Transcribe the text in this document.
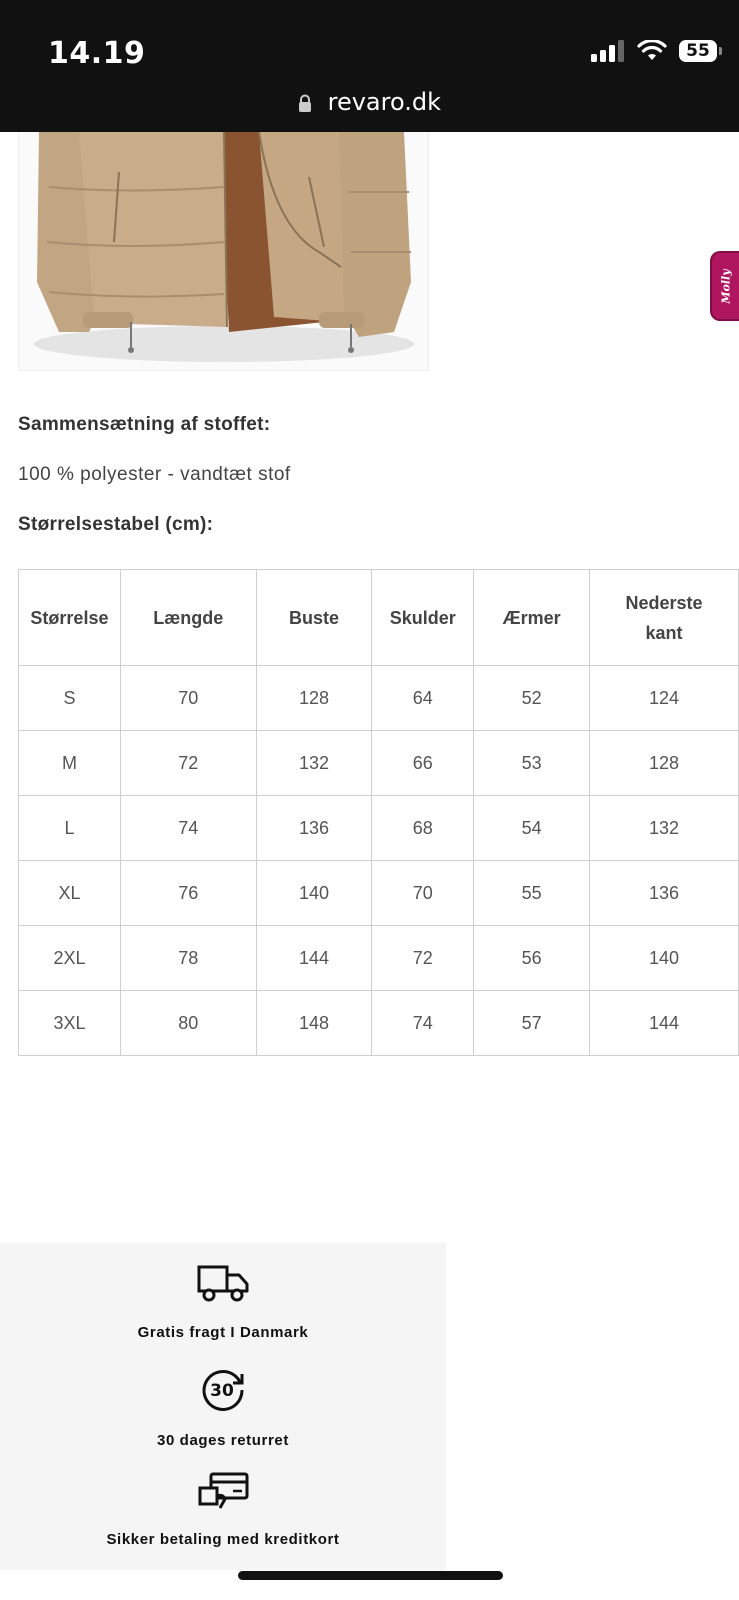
14.19	55
revaro.dk
Molly
Sammensætning af stoffet:
100 % polyester - vandtæt stof
Størrelsestabel (cm):
Størrelse	Længde	Buste	Skulder	Ærmer	Nederste kant
S	70	128	64	52	124
M	72	132	66	53	128
L	74	136	68	54	132
XL	76	140	70	55	136
2XL	78	144	72	56	140
3XL	80	148	74	57	144
Gratis fragt I Danmark
30
30 dages returret
Sikker betaling med kreditkort
